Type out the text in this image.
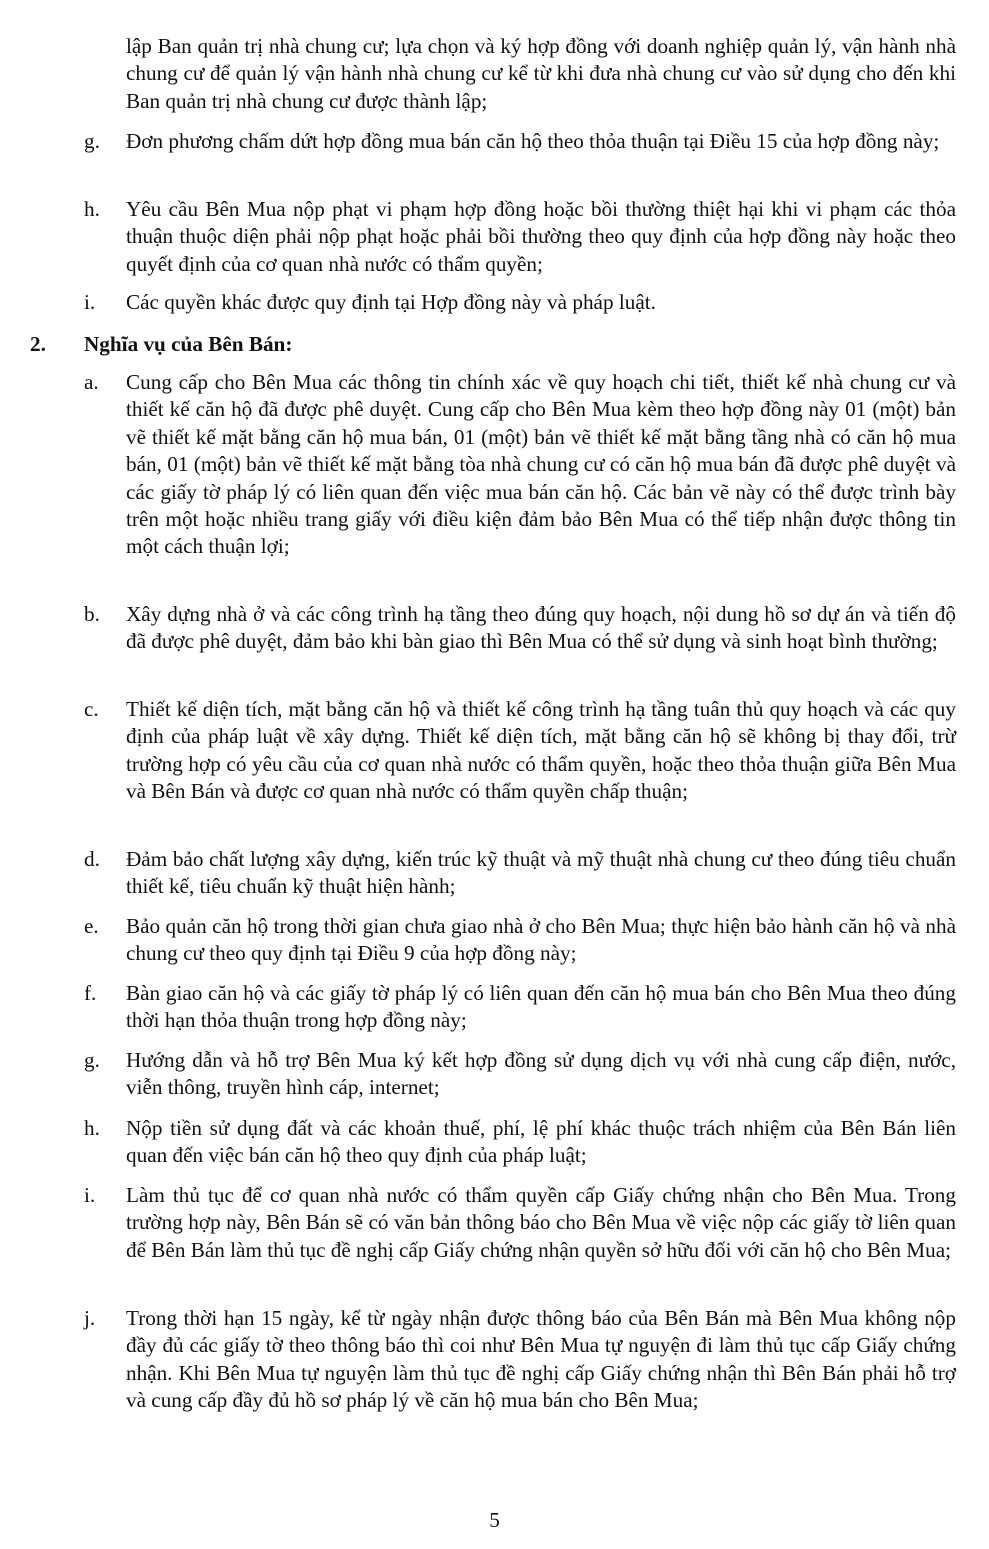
lập Ban quản trị nhà chung cư; lựa chọn và ký hợp đồng với doanh nghiệp quản lý, vận hành nhà chung cư để quản lý vận hành nhà chung cư kể từ khi đưa nhà chung cư vào sử dụng cho đến khi Ban quản trị nhà chung cư được thành lập;
g. Đơn phương chấm dứt hợp đồng mua bán căn hộ theo thỏa thuận tại Điều 15 của hợp đồng này;
h. Yêu cầu Bên Mua nộp phạt vi phạm hợp đồng hoặc bồi thường thiệt hại khi vi phạm các thỏa thuận thuộc diện phải nộp phạt hoặc phải bồi thường theo quy định của hợp đồng này hoặc theo quyết định của cơ quan nhà nước có thẩm quyền;
i. Các quyền khác được quy định tại Hợp đồng này và pháp luật.
2. Nghĩa vụ của Bên Bán:
a. Cung cấp cho Bên Mua các thông tin chính xác về quy hoạch chi tiết, thiết kế nhà chung cư và thiết kế căn hộ đã được phê duyệt. Cung cấp cho Bên Mua kèm theo hợp đồng này 01 (một) bản vẽ thiết kế mặt bằng căn hộ mua bán, 01 (một) bản vẽ thiết kế mặt bằng tầng nhà có căn hộ mua bán, 01 (một) bản vẽ thiết kế mặt bằng tòa nhà chung cư có căn hộ mua bán đã được phê duyệt và các giấy tờ pháp lý có liên quan đến việc mua bán căn hộ. Các bản vẽ này có thể được trình bày trên một hoặc nhiều trang giấy với điều kiện đảm bảo Bên Mua có thể tiếp nhận được thông tin một cách thuận lợi;
b. Xây dựng nhà ở và các công trình hạ tầng theo đúng quy hoạch, nội dung hồ sơ dự án và tiến độ đã được phê duyệt, đảm bảo khi bàn giao thì Bên Mua có thể sử dụng và sinh hoạt bình thường;
c. Thiết kế diện tích, mặt bằng căn hộ và thiết kế công trình hạ tầng tuân thủ quy hoạch và các quy định của pháp luật về xây dựng. Thiết kế diện tích, mặt bằng căn hộ sẽ không bị thay đổi, trừ trường hợp có yêu cầu của cơ quan nhà nước có thẩm quyền, hoặc theo thỏa thuận giữa Bên Mua và Bên Bán và được cơ quan nhà nước có thẩm quyền chấp thuận;
d. Đảm bảo chất lượng xây dựng, kiến trúc kỹ thuật và mỹ thuật nhà chung cư theo đúng tiêu chuẩn thiết kế, tiêu chuẩn kỹ thuật hiện hành;
e. Bảo quản căn hộ trong thời gian chưa giao nhà ở cho Bên Mua; thực hiện bảo hành căn hộ và nhà chung cư theo quy định tại Điều 9 của hợp đồng này;
f. Bàn giao căn hộ và các giấy tờ pháp lý có liên quan đến căn hộ mua bán cho Bên Mua theo đúng thời hạn thỏa thuận trong hợp đồng này;
g. Hướng dẫn và hỗ trợ Bên Mua ký kết hợp đồng sử dụng dịch vụ với nhà cung cấp điện, nước, viễn thông, truyền hình cáp, internet;
h. Nộp tiền sử dụng đất và các khoản thuế, phí, lệ phí khác thuộc trách nhiệm của Bên Bán liên quan đến việc bán căn hộ theo quy định của pháp luật;
i. Làm thủ tục để cơ quan nhà nước có thẩm quyền cấp Giấy chứng nhận cho Bên Mua. Trong trường hợp này, Bên Bán sẽ có văn bản thông báo cho Bên Mua về việc nộp các giấy tờ liên quan để Bên Bán làm thủ tục đề nghị cấp Giấy chứng nhận quyền sở hữu đối với căn hộ cho Bên Mua;
j. Trong thời hạn 15 ngày, kể từ ngày nhận được thông báo của Bên Bán mà Bên Mua không nộp đầy đủ các giấy tờ theo thông báo thì coi như Bên Mua tự nguyện đi làm thủ tục cấp Giấy chứng nhận. Khi Bên Mua tự nguyện làm thủ tục đề nghị cấp Giấy chứng nhận thì Bên Bán phải hỗ trợ và cung cấp đầy đủ hồ sơ pháp lý về căn hộ mua bán cho Bên Mua;
5
